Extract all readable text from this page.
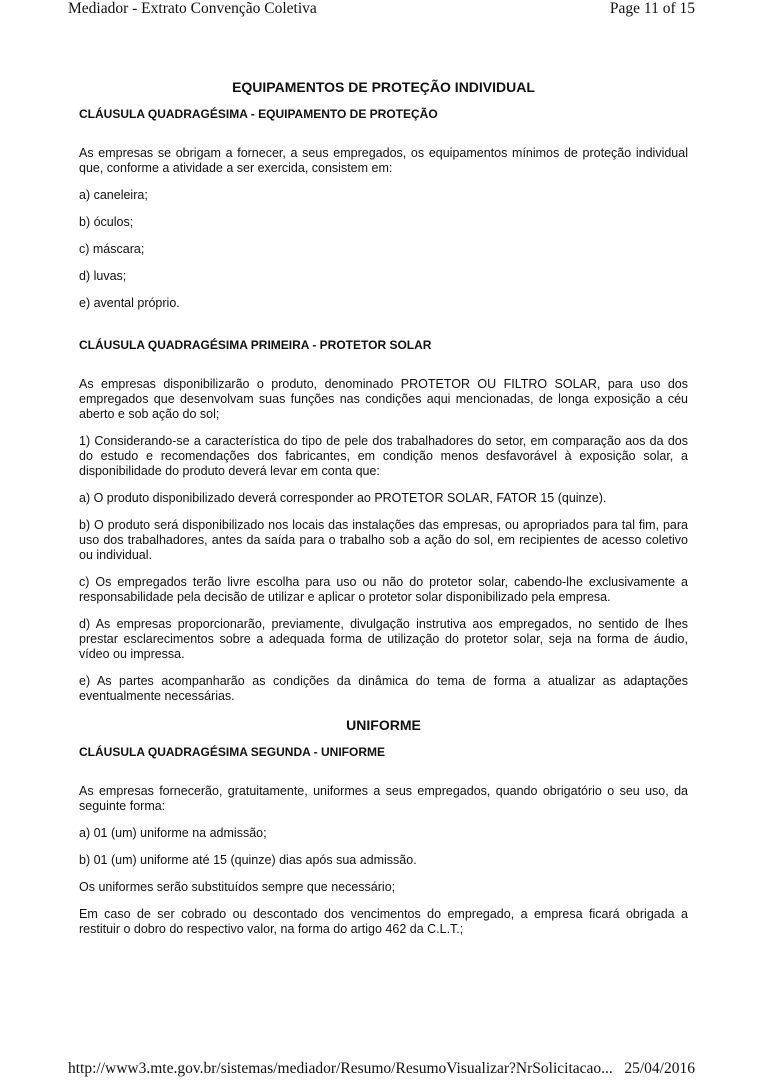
Mediador - Extrato Convenção Coletiva	Page 11 of 15
EQUIPAMENTOS DE PROTEÇÃO INDIVIDUAL
CLÁUSULA QUADRAGÉSIMA - EQUIPAMENTO DE PROTEÇÃO

As empresas se obrigam a fornecer, a seus empregados, os equipamentos mínimos de proteção individual que, conforme a atividade a ser exercida, consistem em:

a) caneleira;
b) óculos;
c) máscara;
d) luvas;
e) avental próprio.
CLÁUSULA QUADRAGÉSIMA PRIMEIRA - PROTETOR SOLAR

As empresas disponibilizarão o produto, denominado PROTETOR OU FILTRO SOLAR, para uso dos empregados que desenvolvam suas funções nas condições aqui mencionadas, de longa exposição a céu aberto e sob ação do sol;

1) Considerando-se a característica do tipo de pele dos trabalhadores do setor, em comparação aos da dos do estudo e recomendações dos fabricantes, em condição menos desfavorável à exposição solar, a disponibilidade do produto deverá levar em conta que:

a) O produto disponibilizado deverá corresponder ao PROTETOR SOLAR, FATOR 15 (quinze).

b) O produto será disponibilizado nos locais das instalações das empresas, ou apropriados para tal fim, para uso dos trabalhadores, antes da saída para o trabalho sob a ação do sol, em recipientes de acesso coletivo ou individual.

c) Os empregados terão livre escolha para uso ou não do protetor solar, cabendo-lhe exclusivamente a responsabilidade pela decisão de utilizar e aplicar o protetor solar disponibilizado pela empresa.

d) As empresas proporcionarão, previamente, divulgação instrutiva aos empregados, no sentido de lhes prestar esclarecimentos sobre a adequada forma de utilização do protetor solar, seja na forma de áudio, vídeo ou impressa.

e) As partes acompanharão as condições da dinâmica do tema de forma a atualizar as adaptações eventualmente necessárias.

UNIFORME
CLÁUSULA QUADRAGÉSIMA SEGUNDA - UNIFORME

As empresas fornecerão, gratuitamente, uniformes a seus empregados, quando obrigatório o seu uso, da seguinte forma:

a) 01 (um) uniforme na admissão;

b) 01 (um) uniforme até 15 (quinze) dias após sua admissão.

Os uniformes serão substituídos sempre que necessário;

Em caso de ser cobrado ou descontado dos vencimentos do empregado, a empresa ficará obrigada a restituir o dobro do respectivo valor, na forma do artigo 462 da C.L.T.;

http://www3.mte.gov.br/sistemas/mediador/Resumo/ResumoVisualizar?NrSolicitacao... 25/04/2016
